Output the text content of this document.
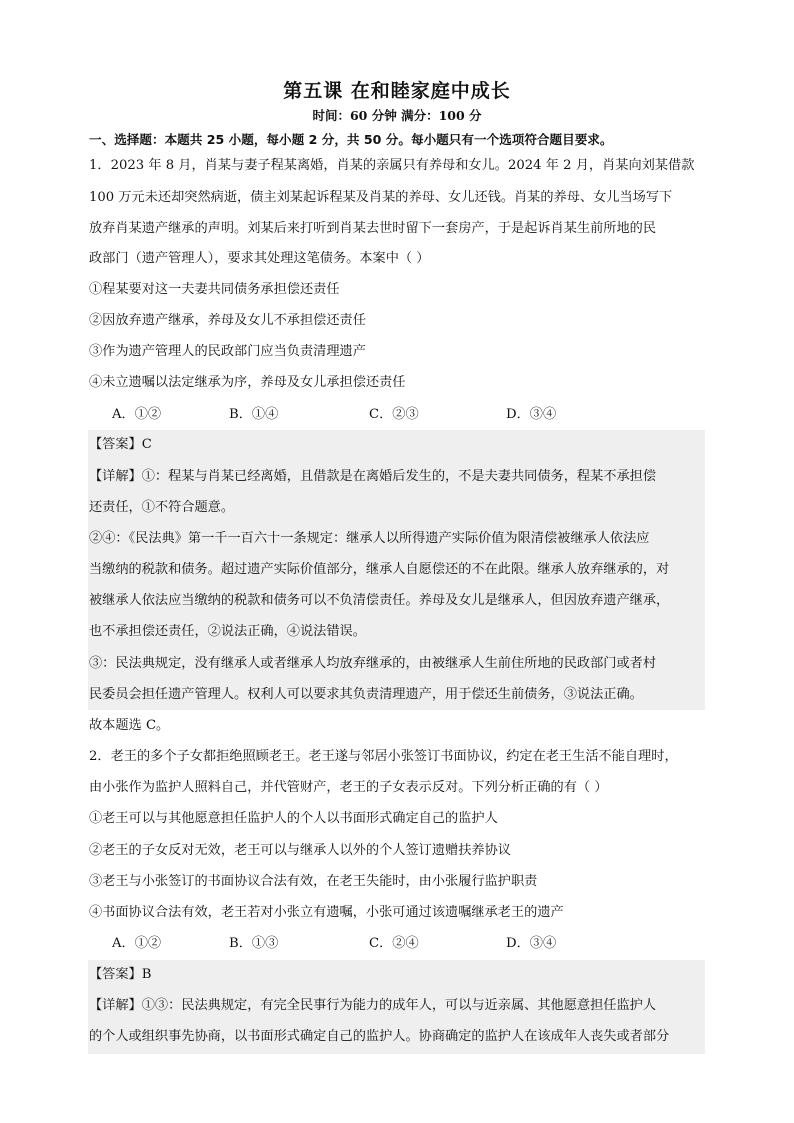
第五课 在和睦家庭中成长
时间：60 分钟 满分：100 分
一、选择题：本题共 25 小题，每小题 2 分，共 50 分。每小题只有一个选项符合题目要求。
1．2023 年 8 月，肖某与妻子程某离婚，肖某的亲属只有养母和女儿。2024 年 2 月，肖某向刘某借款
100 万元未还却突然病逝，债主刘某起诉程某及肖某的养母、女儿还钱。肖某的养母、女儿当场写下
放弃肖某遗产继承的声明。刘某后来打听到肖某去世时留下一套房产，于是起诉肖某生前所地的民
政部门（遗产管理人），要求其处理这笔债务。本案中（ ）
①程某要对这一夫妻共同债务承担偿还责任
②因放弃遗产继承，养母及女儿不承担偿还责任
③作为遗产管理人的民政部门应当负责清理遗产
④未立遗嘱以法定继承为序，养母及女儿承担偿还责任
A．①②	B．①④	C．②③	D．③④
【答案】C
【详解】①：程某与肖某已经离婚，且借款是在离婚后发生的，不是夫妻共同债务，程某不承担偿
还责任，①不符合题意。
②④：《民法典》第一千一百六十一条规定：继承人以所得遗产实际价值为限清偿被继承人依法应
当缴纳的税款和债务。超过遗产实际价值部分，继承人自愿偿还的不在此限。继承人放弃继承的，对
被继承人依法应当缴纳的税款和债务可以不负清偿责任。养母及女儿是继承人，但因放弃遗产继承，
也不承担偿还责任，②说法正确，④说法错误。
③：民法典规定，没有继承人或者继承人均放弃继承的，由被继承人生前住所地的民政部门或者村
民委员会担任遗产管理人。权利人可以要求其负责清理遗产，用于偿还生前债务，③说法正确。
故本题选 C。
2．老王的多个子女都拒绝照顾老王。老王遂与邻居小张签订书面协议，约定在老王生活不能自理时，
由小张作为监护人照料自己，并代管财产，老王的子女表示反对。下列分析正确的有（ ）
①老王可以与其他愿意担任监护人的个人以书面形式确定自己的监护人
②老王的子女反对无效，老王可以与继承人以外的个人签订遗赠扶养协议
③老王与小张签订的书面协议合法有效，在老王失能时，由小张履行监护职责
④书面协议合法有效，老王若对小张立有遗嘱，小张可通过该遗嘱继承老王的遗产
A．①②	B．①③	C．②④	D．③④
【答案】B
【详解】①③：民法典规定，有完全民事行为能力的成年人，可以与近亲属、其他愿意担任监护人
的个人或组织事先协商，以书面形式确定自己的监护人。协商确定的监护人在该成年人丧失或者部分
